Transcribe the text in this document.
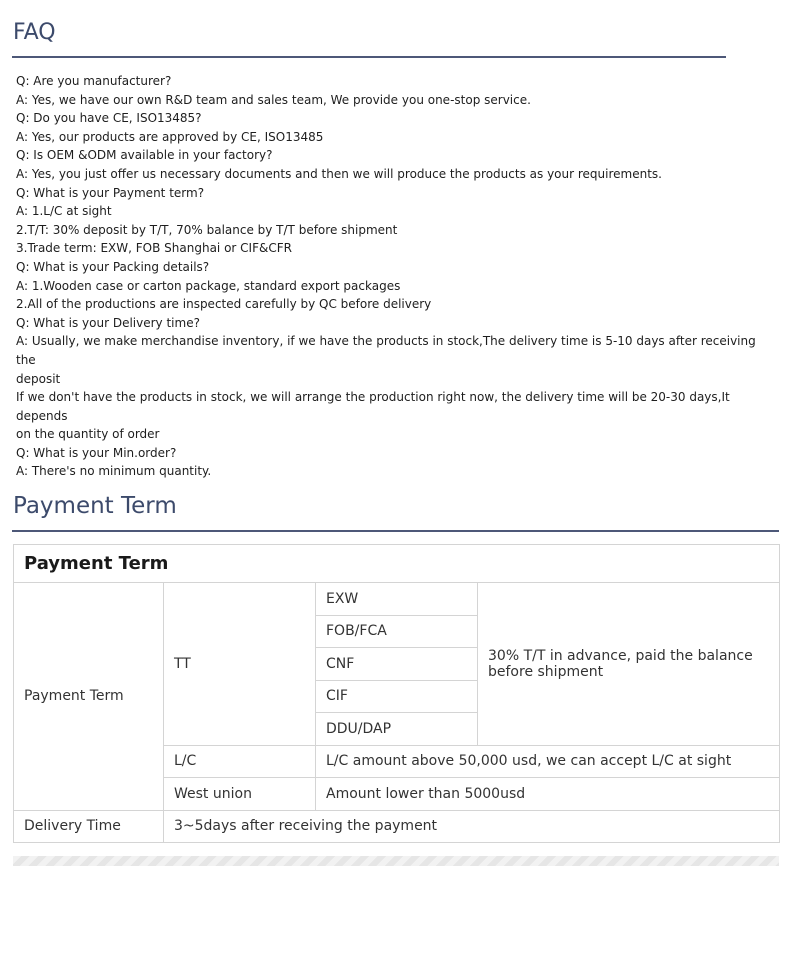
FAQ
Q: Are you manufacturer?
A: Yes, we have our own R&D team and sales team, We provide you one-stop service.
Q: Do you have CE, ISO13485?
A: Yes, our products are approved by CE, ISO13485
Q: Is OEM &ODM available in your factory?
A: Yes, you just offer us necessary documents and then we will produce the products as your requirements.
Q: What is your Payment term?
A: 1.L/C at sight
2.T/T: 30% deposit by T/T, 70% balance by T/T before shipment
3.Trade term: EXW, FOB Shanghai or CIF&CFR
Q: What is your Packing details?
A: 1.Wooden case or carton package, standard export packages
2.All of the productions are inspected carefully by QC before delivery
Q: What is your Delivery time?
A: Usually, we make merchandise inventory, if we have the products in stock,The delivery time is 5-10 days after receiving
the
deposit
If we don't have the products in stock, we will arrange the production right now, the delivery time will be 20-30 days,It
depends
on the quantity of order
Q: What is your Min.order?
A: There's no minimum quantity.
Payment Term
Payment Term			
Payment Term	TT	EXW	30% T/T in advance, paid the balance before shipment
		FOB/FCA	
		CNF	
		CIF	
		DDU/DAP	
	L/C	L/C amount above 50,000 usd, we can accept L/C at sight	
	West union	Amount lower than 5000usd	
Delivery Time	3~5days after receiving the payment		
